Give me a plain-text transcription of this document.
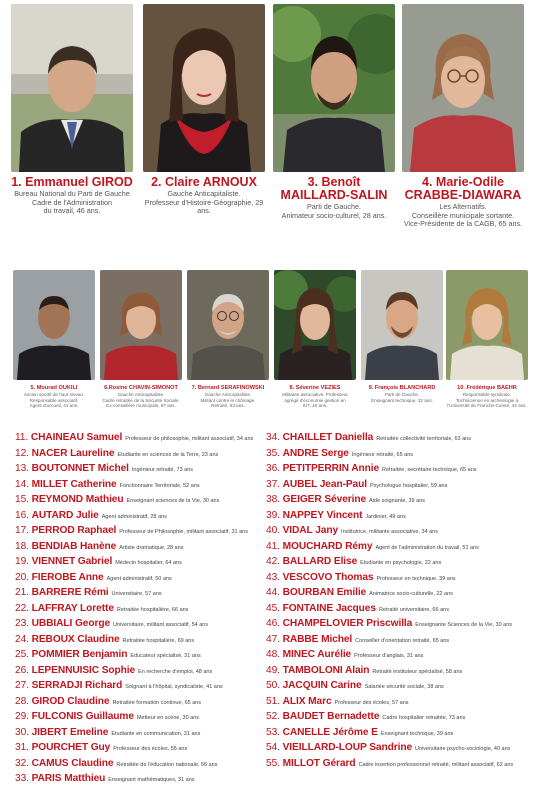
1. Emmanuel GIROD
Bureau National du Parti de Gauche
Cadre de l'Administration
du travail, 46 ans.
2. Claire ARNOUX
Gauche Anticapitaliste.
Professeur d'Histoire-Géographie, 29 ans.
3. Benoît
MAILLARD-SALIN
Parti de Gauche.
Animateur socio-culturel, 28 ans.
4. Marie-Odile
CRABBE-DIAWARA
Les Alternatifs.
Conseillère municipale sortante.
Vice-Présidente de la CAGB, 65 ans.
5. Mourad OUKILI
Ancien sportif de haut niveau.
Responsable associatif.
Agent d'accueil, 41 ans.
6.Rosine CHAVIN-SIMONOT
Gauche Anticapitaliste.
Cadre retraitée de la Sécurité Sociale.
Ex-conseillère municipale, 67 ans.
7. Bernard SERAFINOWSKI
Gauche Anticapitaliste.
Militant contre le chômage.
Retraité, 63 ans.
8. Séverine VEZIES
Militante associative. Professeur
agrégé d'économie gestion en
IUT, 40 ans.
9. François BLANCHARD
Parti de Gauche.
Enseignant technique, 32 ans.
10. Frédérique BAEHR
Responsable syndicale.
Technicienne en archéologie à
l'Université de Franche-Comté, 44 ans.
11. CHAINEAU Samuel Professeur de philosophie, militant associatif, 34 ans
12. NACER Laureline Etudiante en sciences de la Terre, 23 ans
13. BOUTONNET Michel Ingénieur retraité, 73 ans
14. MILLET Catherine Fonctionnaire Territoriale, 52 ans
15. REYMOND Mathieu Enseignant sciences de la Vie, 30 ans
16. AUTARD Julie Agent administratif, 28 ans
17. PERROD Raphael Professeur de Philosophie, militant associatif, 31 ans
18. BENDIAB Hanène Artiste dramatique, 28 ans
19. VIENNET Gabriel Médecin hospitalier, 64 ans
20. FIEROBE Anne Agent administratif, 50 ans
21. BARRERE Rémi Universitaire, 57 ans
22. LAFFRAY Lorette Retraitée hospitalière, 66 ans
23. UBBIALI George Universitaire, militant associatif, 54 ans
24. REBOUX Claudine Retraitée hospitalière, 69 ans
25. POMMIER Benjamin Educateur spécialisé, 31 ans
26. LEPENNUISIC Sophie En recherche d'emploi, 48 ans
27. SERRADJI Richard Soignant à l'hôpital, syndicaliste, 41 ans
28. GIROD Claudine Retraitée formation continue, 65 ans
29. FULCONIS Guillaume Metteur en scène, 30 ans
30. JIBERT Emeline Etudiante en communication, 31 ans
31. POURCHET Guy Professeur des écoles, 55 ans
32. CAMUS Claudine Retraitée de l'éducation nationale, 66 ans
33. PARIS Matthieu Enseignant mathématiques, 31 ans
34. CHAILLET Daniella Retraitée collectivité territoriale, 63 ans
35. ANDRE Serge Ingénieur retraité, 65 ans
36. PETITPERRIN Annie Retraitée, secrétaire technique, 65 ans
37. AUBEL Jean-Paul Psychologue hospitalier, 59 ans
38. GEIGER Séverine Aide soignante, 39 ans
39. NAPPEY Vincent Jardinier, 49 ans
40. VIDAL Jany Institutrice, militante associative, 34 ans
41. MOUCHARD Rémy Agent de l'administration du travail, 51 ans
42. BALLARD Elise Etudiante en psychologie, 22 ans
43. VESCOVO Thomas Professeur en technique, 39 ans
44. BOURBAN Emilie Animatrice socio-culturelle, 22 ans
45. FONTAINE Jacques Retraité universitaire, 66 ans
46. CHAMPELOVIER Priscwilla Enseignante Sciences de la Vie, 30 ans
47. RABBE Michel Conseiller d'orientation retraité, 65 ans
48. MINEC Aurélie Professeur d'anglais, 31 ans
49. TAMBOLONI Alain Retraité instituteur spécialisé, 58 ans
50. JACQUIN Carine Salariée sécurité sociale, 38 ans
51. ALIX Marc Professeur des écoles, 57 ans
52. BAUDET Bernadette Cadre hospitalier retraitée, 73 ans
53. CANELLE Jérôme E Enseignant technique, 39 ans
54. VIEILLARD-LOUP Sandrine Universitaire psycho-sociologie, 40 ans
55. MILLOT Gérard Cadre insertion professionnel retraité, militant associatif, 62 ans
